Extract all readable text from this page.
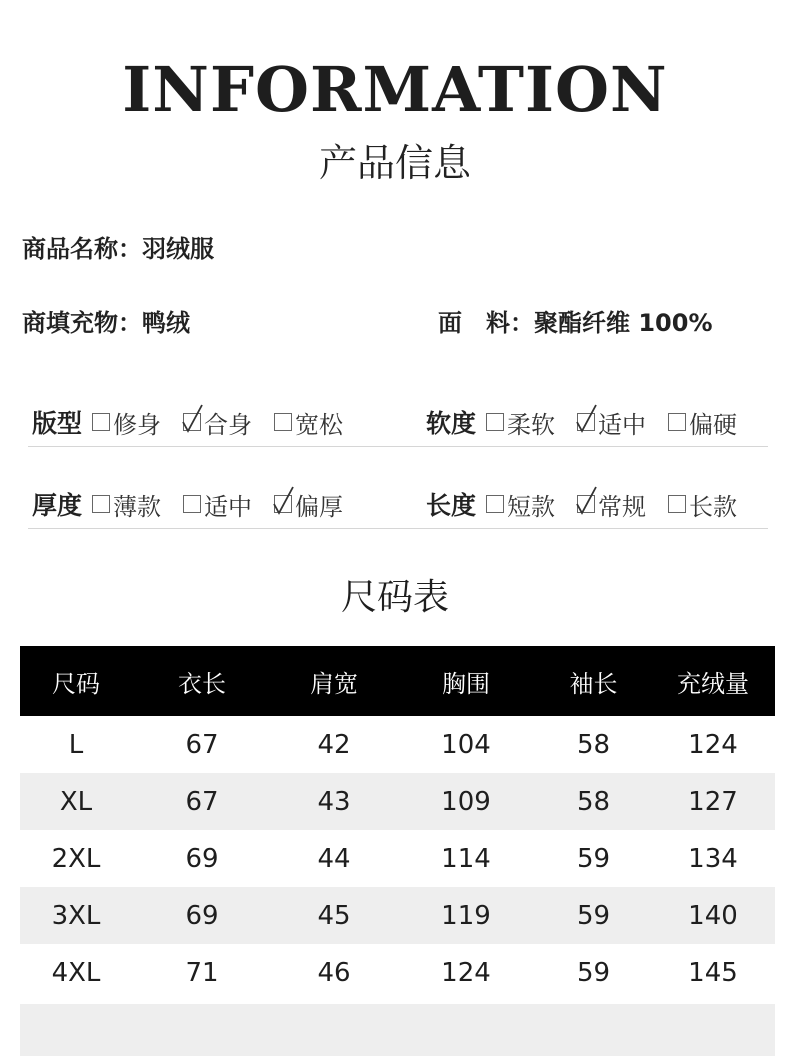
INFORMATION
产品信息
商品名称：羽绒服
商填充物：鸭绒	面　料：聚酯纤维 100%
版型 修身 合身 宽松	软度 柔软 适中 偏硬
厚度 薄款 适中 偏厚	长度 短款 常规 长款
尺码表
尺码	衣长	肩宽	胸围	袖长	充绒量
L	67	42	104	58	124
XL	67	43	109	58	127
2XL	69	44	114	59	134
3XL	69	45	119	59	140
4XL	71	46	124	59	145
